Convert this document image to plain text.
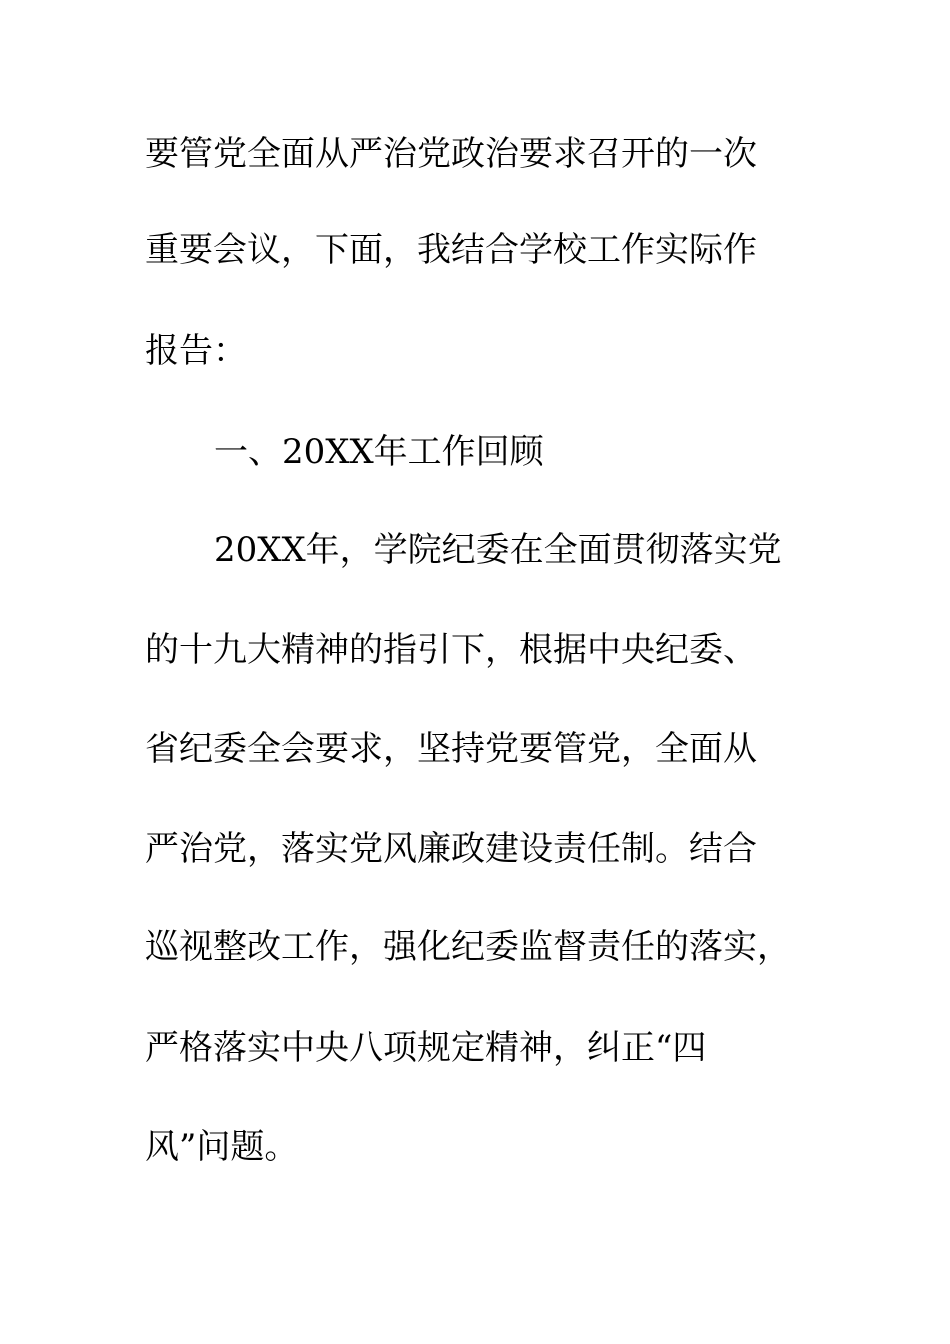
要管党全面从严治党政治要求召开的一次

重要会议，下面，我结合学校工作实际作

报告：

一、20XX年工作回顾

20XX年，学院纪委在全面贯彻落实党

的十九大精神的指引下，根据中央纪委、

省纪委全会要求，坚持党要管党，全面从

严治党，落实党风廉政建设责任制。结合

巡视整改工作，强化纪委监督责任的落实，

严格落实中央八项规定精神，纠正“四

风”问题。
